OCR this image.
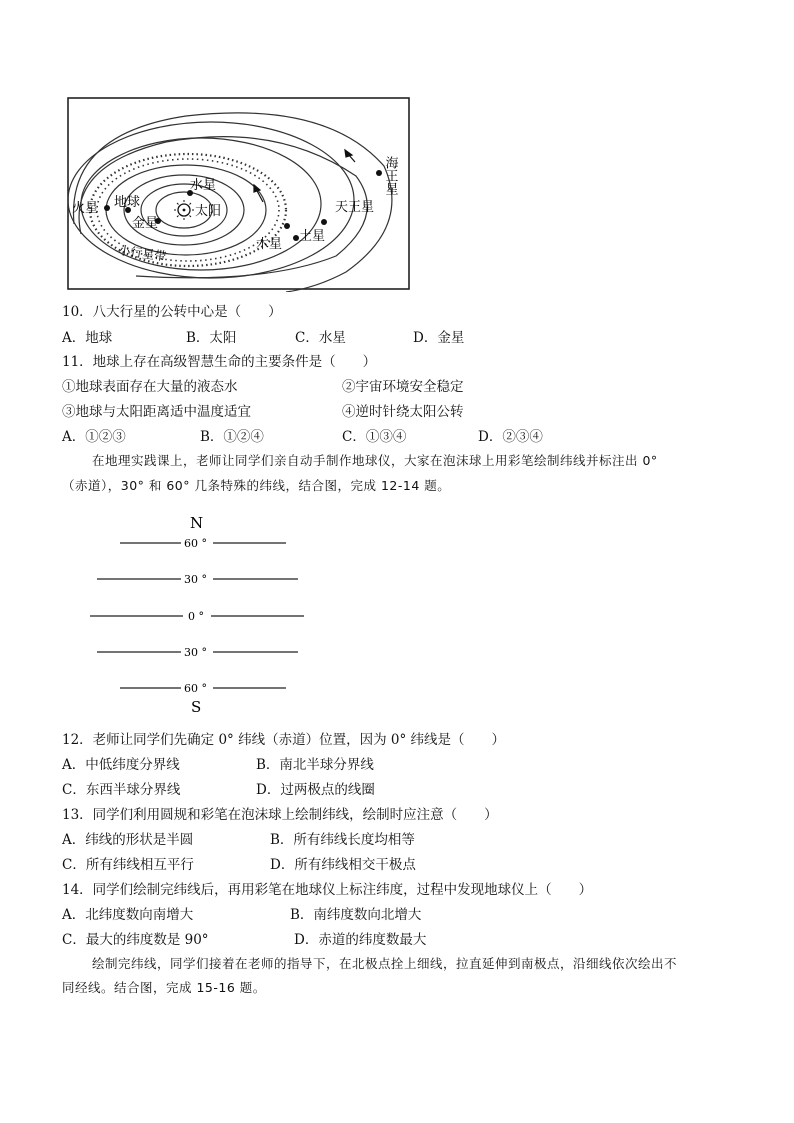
水星
太阳
火星 地球
金星
小行星带	木星
土星
天王星
海王星
10．八大行星的公转中心是（　　）
A．地球	B．太阳	C．水星	D．金星
11．地球上存在高级智慧生命的主要条件是（　　）
①地球表面存在大量的液态水	②宇宙环境安全稳定
③地球与太阳距离适中温度适宜	④逆时针绕太阳公转
A．①②③	B．①②④	C．①③④	D．②③④
在地理实践课上，老师让同学们亲自动手制作地球仪，大家在泡沫球上用彩笔绘制纬线并标注出 0°
（赤道），30° 和 60° 几条特殊的纬线，结合图，完成 12-14 题。
N
60 °
30 °
0 °
30 °
60 °
S
12．老师让同学们先确定 0° 纬线（赤道）位置，因为 0° 纬线是（　　）
A．中低纬度分界线	B．南北半球分界线
C．东西半球分界线	D．过两极点的线圈
13．同学们利用圆规和彩笔在泡沫球上绘制纬线，绘制时应注意（　　）
A．纬线的形状是半圆	B．所有纬线长度均相等
C．所有纬线相互平行	D．所有纬线相交干极点
14．同学们绘制完纬线后，再用彩笔在地球仪上标注纬度，过程中发现地球仪上（　　）
A．北纬度数向南增大	B．南纬度数向北增大
C．最大的纬度数是 90°	D．赤道的纬度数最大
绘制完纬线，同学们接着在老师的指导下，在北极点拴上细线，拉直延伸到南极点，沿细线依次绘出不
同经线。结合图，完成 15-16 题。
